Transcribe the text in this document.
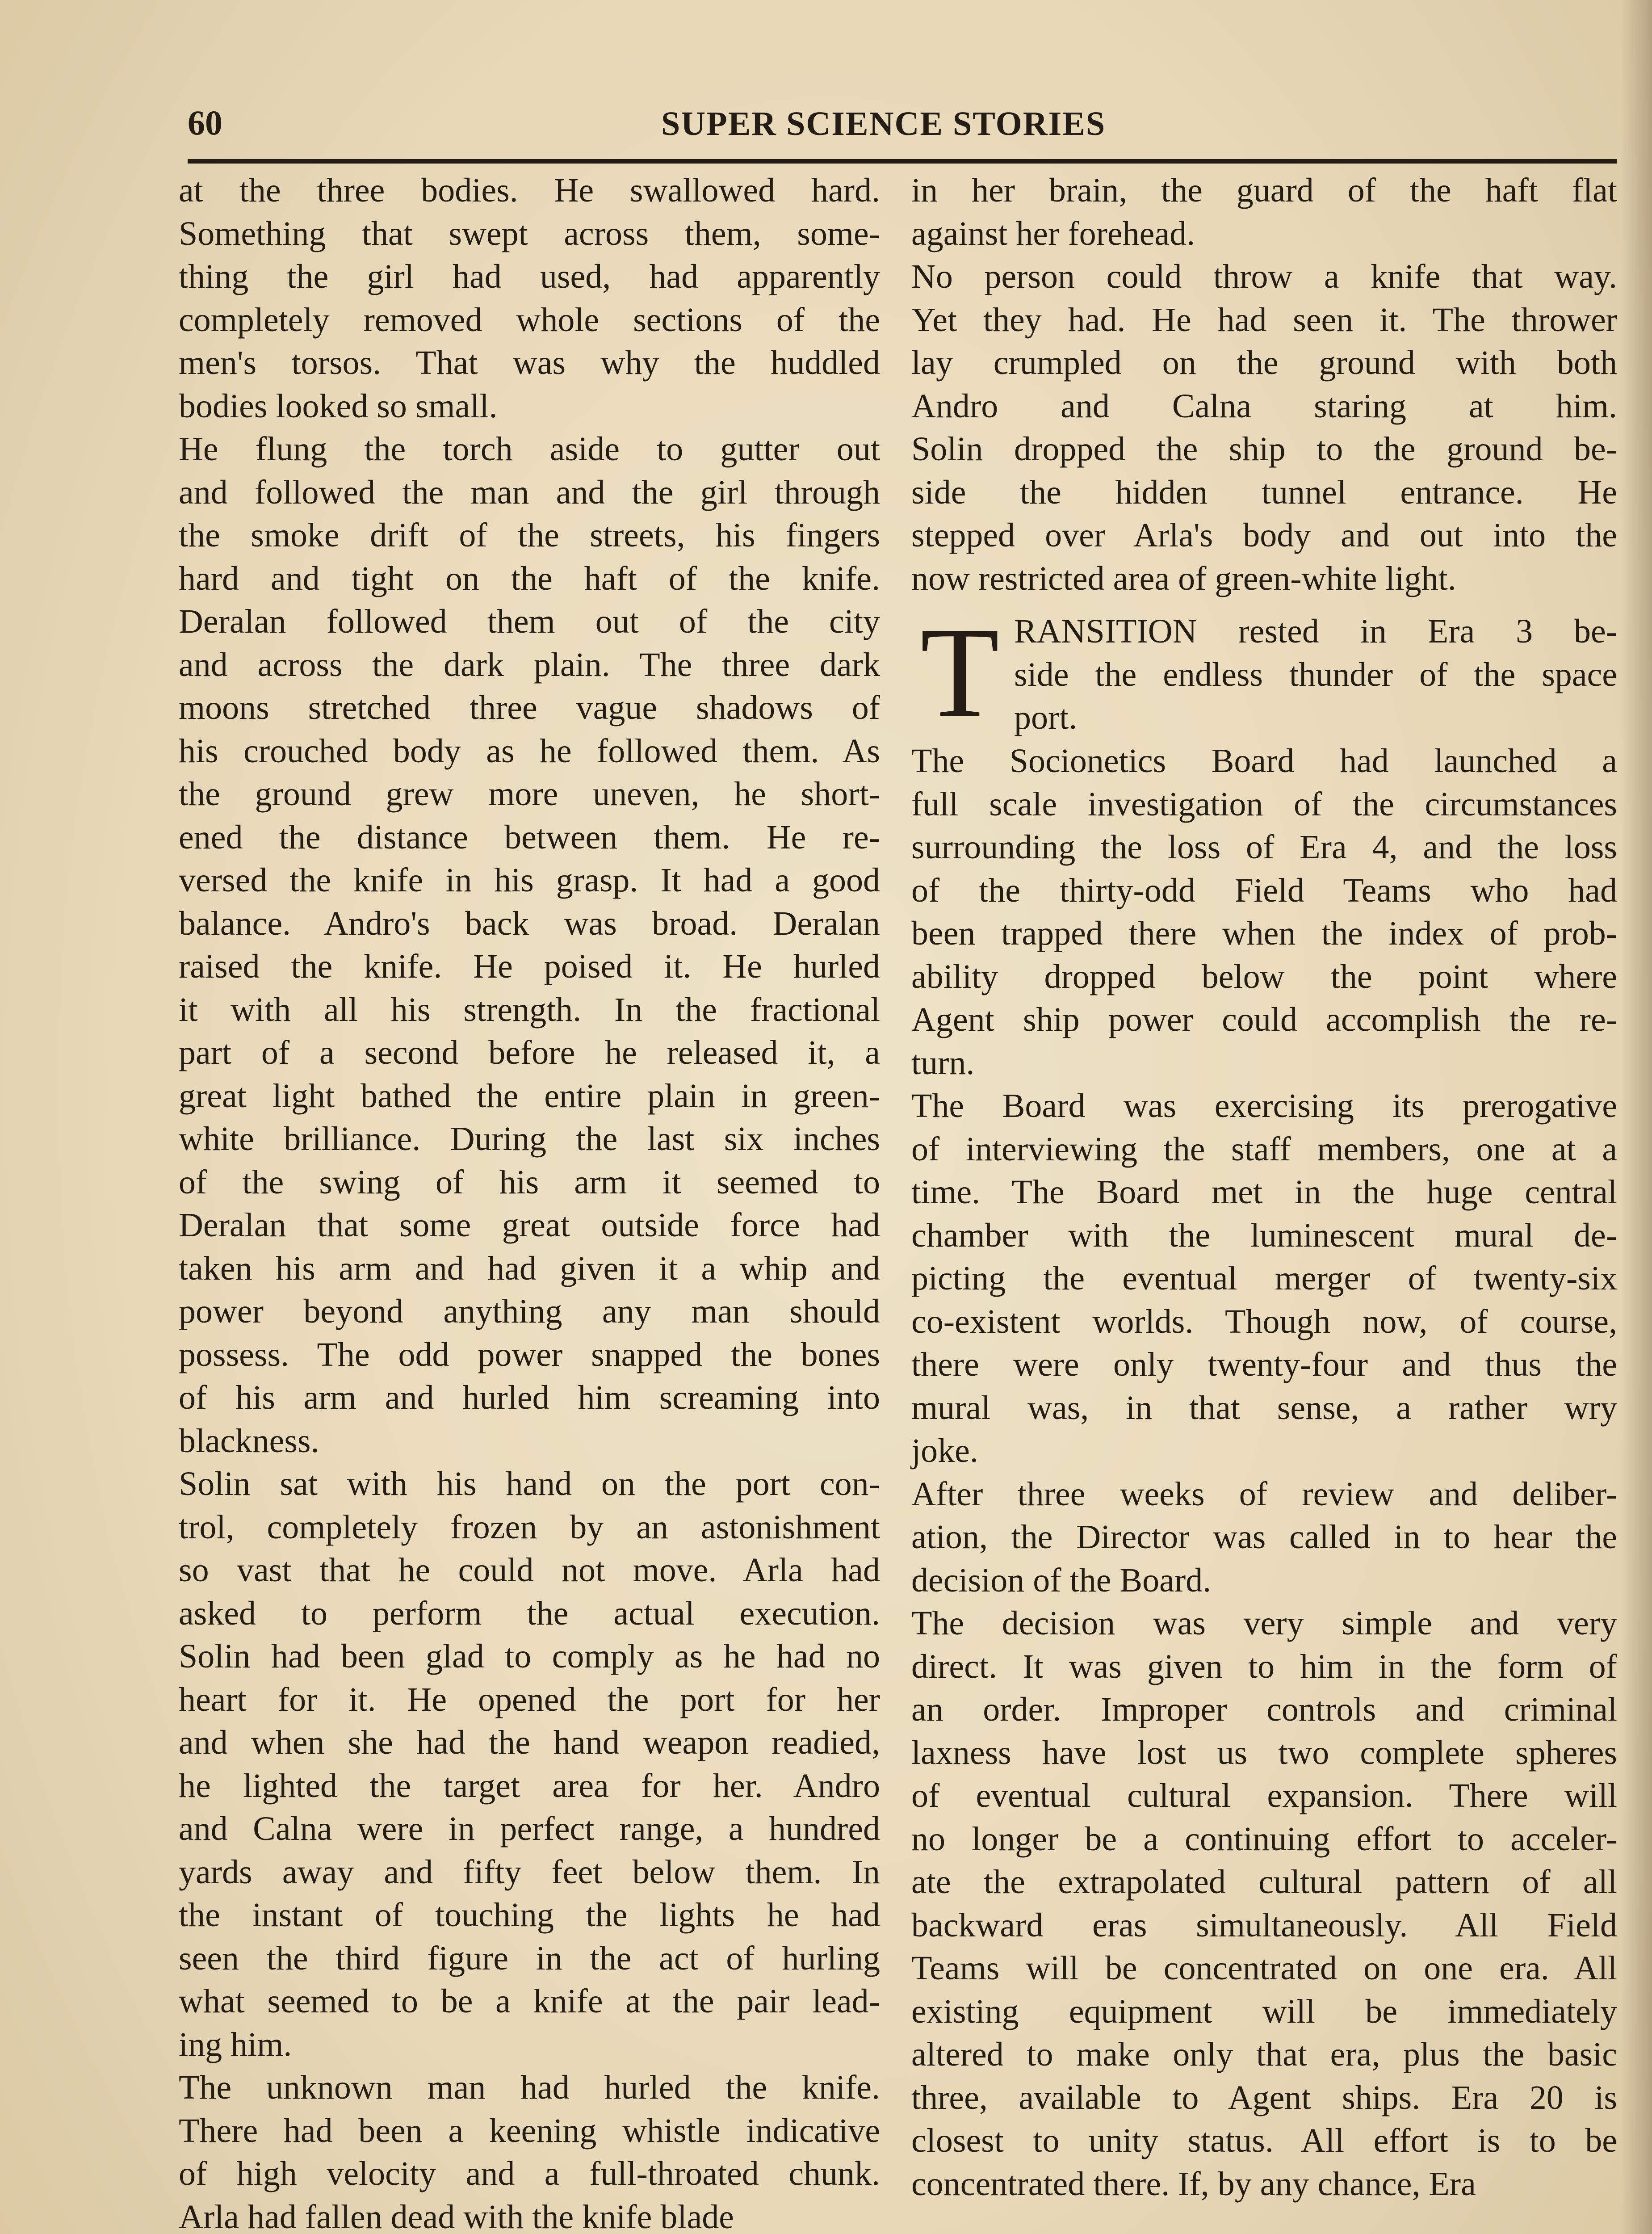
60	SUPER SCIENCE STORIES
at the three bodies. He swallowed hard.
Something that swept across them, some-
thing the girl had used, had apparently
completely removed whole sections of the
men's torsos. That was why the huddled
bodies looked so small.
He flung the torch aside to gutter out
and followed the man and the girl through
the smoke drift of the streets, his fingers
hard and tight on the haft of the knife.
Deralan followed them out of the city
and across the dark plain. The three dark
moons stretched three vague shadows of
his crouched body as he followed them. As
the ground grew more uneven, he short-
ened the distance between them. He re-
versed the knife in his grasp. It had a good
balance. Andro's back was broad. Deralan
raised the knife. He poised it. He hurled
it with all his strength. In the fractional
part of a second before he released it, a
great light bathed the entire plain in green-
white brilliance. During the last six inches
of the swing of his arm it seemed to
Deralan that some great outside force had
taken his arm and had given it a whip and
power beyond anything any man should
possess. The odd power snapped the bones
of his arm and hurled him screaming into
blackness.
Solin sat with his hand on the port con-
trol, completely frozen by an astonishment
so vast that he could not move. Arla had
asked to perform the actual execution.
Solin had been glad to comply as he had no
heart for it. He opened the port for her
and when she had the hand weapon readied,
he lighted the target area for her. Andro
and Calna were in perfect range, a hundred
yards away and fifty feet below them. In
the instant of touching the lights he had
seen the third figure in the act of hurling
what seemed to be a knife at the pair lead-
ing him.
The unknown man had hurled the knife.
There had been a keening whistle indicative
of high velocity and a full-throated chunk.
Arla had fallen dead with the knife blade
in her brain, the guard of the haft flat
against her forehead.
No person could throw a knife that way.
Yet they had. He had seen it. The thrower
lay crumpled on the ground with both
Andro and Calna staring at him.
Solin dropped the ship to the ground be-
side the hidden tunnel entrance. He
stepped over Arla's body and out into the
now restricted area of green-white light.
T RANSITION rested in Era 3 be-
side the endless thunder of the space
port.
The Socionetics Board had launched a
full scale investigation of the circumstances
surrounding the loss of Era 4, and the loss
of the thirty-odd Field Teams who had
been trapped there when the index of prob-
ability dropped below the point where
Agent ship power could accomplish the re-
turn.
The Board was exercising its prerogative
of interviewing the staff members, one at a
time. The Board met in the huge central
chamber with the luminescent mural de-
picting the eventual merger of twenty-six
co-existent worlds. Though now, of course,
there were only twenty-four and thus the
mural was, in that sense, a rather wry
joke.
After three weeks of review and deliber-
ation, the Director was called in to hear the
decision of the Board.
The decision was very simple and very
direct. It was given to him in the form of
an order. Improper controls and criminal
laxness have lost us two complete spheres
of eventual cultural expansion. There will
no longer be a continuing effort to acceler-
ate the extrapolated cultural pattern of all
backward eras simultaneously. All Field
Teams will be concentrated on one era. All
existing equipment will be immediately
altered to make only that era, plus the basic
three, available to Agent ships. Era 20 is
closest to unity status. All effort is to be
concentrated there. If, by any chance, Era
